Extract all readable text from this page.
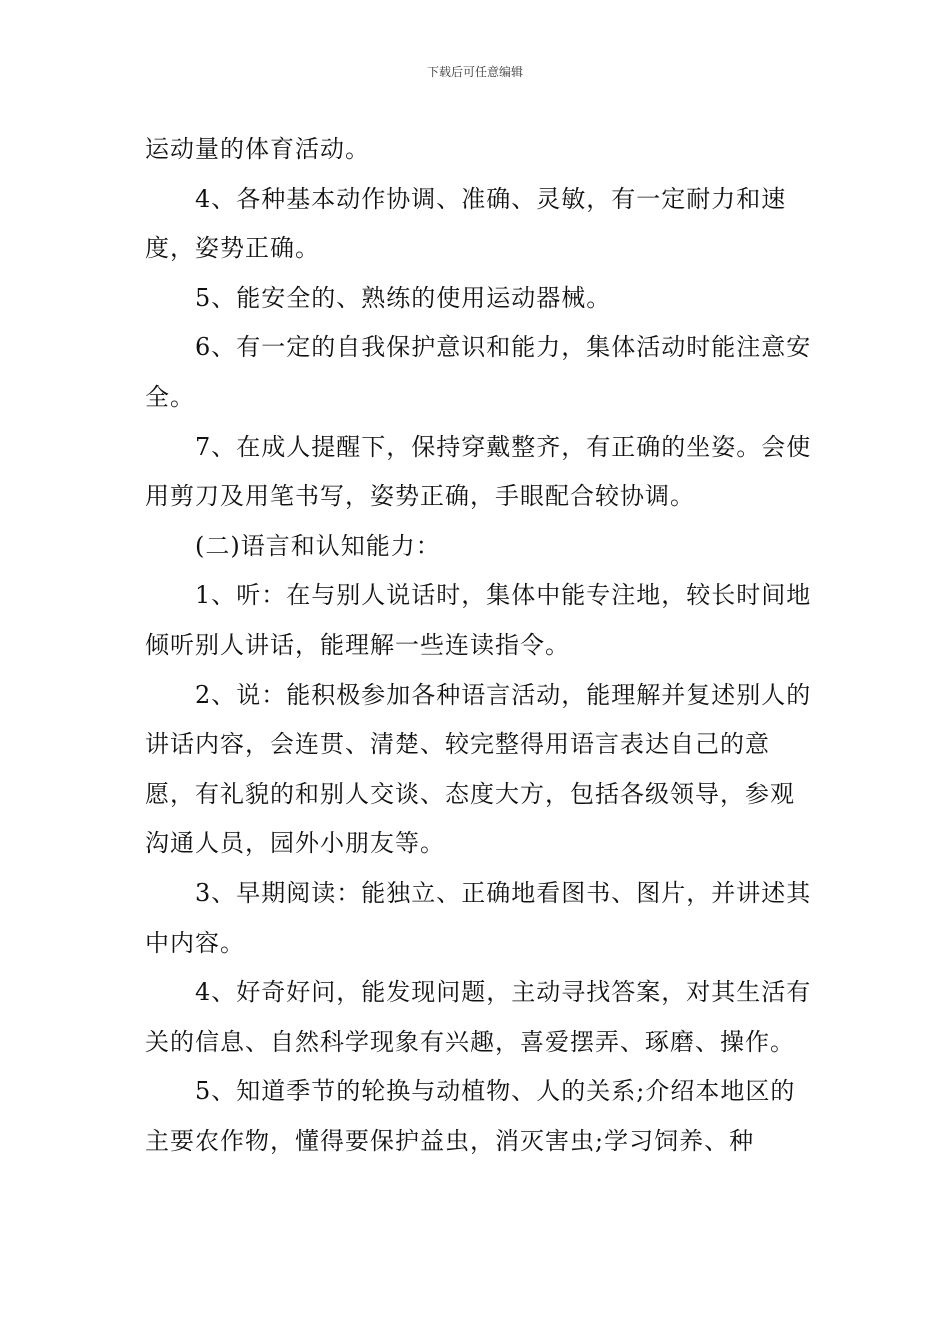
下载后可任意编辑

运动量的体育活动。

4、各种基本动作协调、准确、灵敏，有一定耐力和速度，姿势正确。

5、能安全的、熟练的使用运动器械。

6、有一定的自我保护意识和能力，集体活动时能注意安全。

7、在成人提醒下，保持穿戴整齐，有正确的坐姿。会使用剪刀及用笔书写，姿势正确，手眼配合较协调。

(二)语言和认知能力：

1、听：在与别人说话时，集体中能专注地，较长时间地倾听别人讲话，能理解一些连读指令。

2、说：能积极参加各种语言活动，能理解并复述别人的讲话内容，会连贯、清楚、较完整得用语言表达自己的意愿，有礼貌的和别人交谈、态度大方，包括各级领导，参观沟通人员，园外小朋友等。

3、早期阅读：能独立、正确地看图书、图片，并讲述其中内容。

4、好奇好问，能发现问题，主动寻找答案，对其生活有关的信息、自然科学现象有兴趣，喜爱摆弄、琢磨、操作。

5、知道季节的轮换与动植物、人的关系;介绍本地区的主要农作物，懂得要保护益虫，消灭害虫;学习饲养、种
